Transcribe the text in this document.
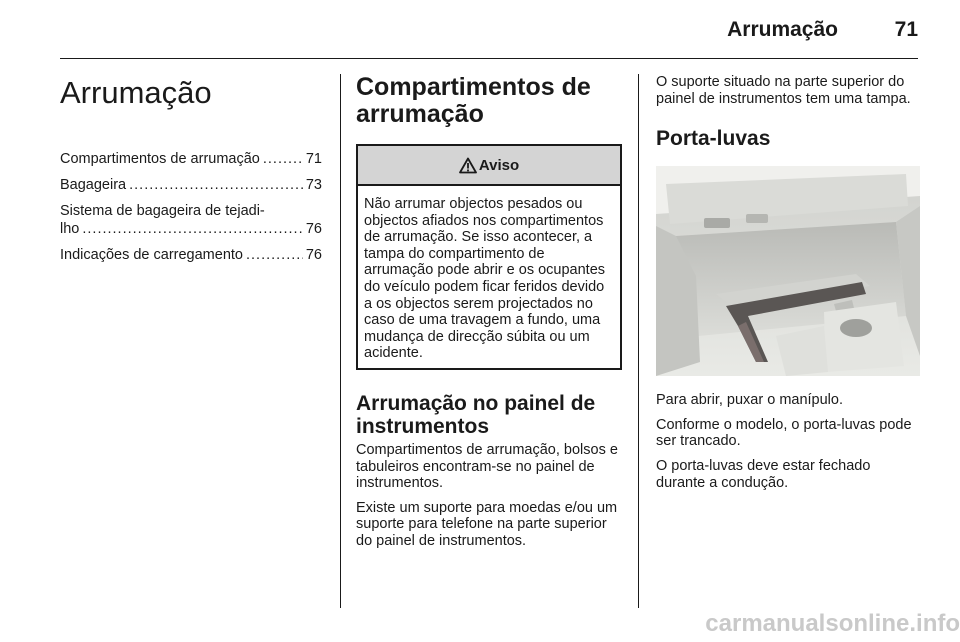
Arrumação	71
Arrumação
Compartimentos de arrumação .....	71
Bagageira .....	73
Sistema de bagageira de tejadi-
lho .....	76
Indicações de carregamento .....	76
Compartimentos de arrumação
Aviso

Não arrumar objectos pesados ou objectos afiados nos compartimentos de arrumação. Se isso acontecer, a tampa do compartimento de arrumação pode abrir e os ocupantes do veículo podem ficar feridos devido a os objectos serem projectados no caso de uma travagem a fundo, uma mudança de direcção súbita ou um acidente.

Arrumação no painel de instrumentos

Compartimentos de arrumação, bolsos e tabuleiros encontram-se no painel de instrumentos.

Existe um suporte para moedas e/ou um suporte para telefone na parte superior do painel de instrumentos.

O suporte situado na parte superior do painel de instrumentos tem uma tampa.

Porta-luvas

Para abrir, puxar o manípulo.

Conforme o modelo, o porta-luvas pode ser trancado.

O porta-luvas deve estar fechado durante a condução.

carmanualsonline.info
